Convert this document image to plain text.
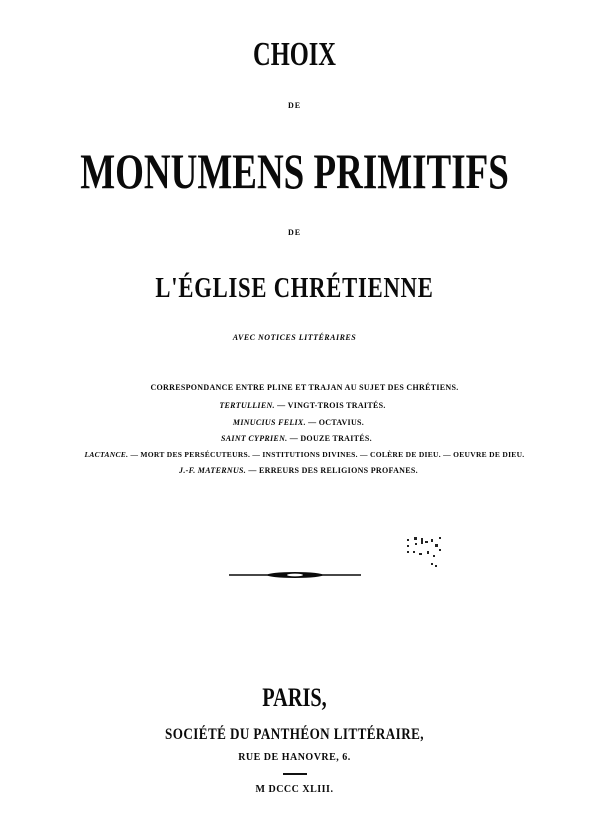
CHOIX
DE
MONUMENS PRIMITIFS
DE
L'ÉGLISE CHRÉTIENNE
AVEC NOTICES LITTÉRAIRES
CORRESPONDANCE ENTRE PLINE ET TRAJAN AU SUJET DES CHRÉTIENS.
TERTULLIEN. — VINGT-TROIS TRAITÉS.
MINUCIUS FELIX. — OCTAVIUS.
SAINT CYPRIEN. — DOUZE TRAITÉS.
LACTANCE. — MORT DES PERSÉCUTEURS. — INSTITUTIONS DIVINES. — COLÈRE DE DIEU. — OEUVRE DE DIEU.
J.-F. MATERNUS. — ERREURS DES RELIGIONS PROFANES.
PARIS,
SOCIÉTÉ DU PANTHÉON LITTÉRAIRE,
RUE DE HANOVRE, 6.
M DCCC XLIII.
